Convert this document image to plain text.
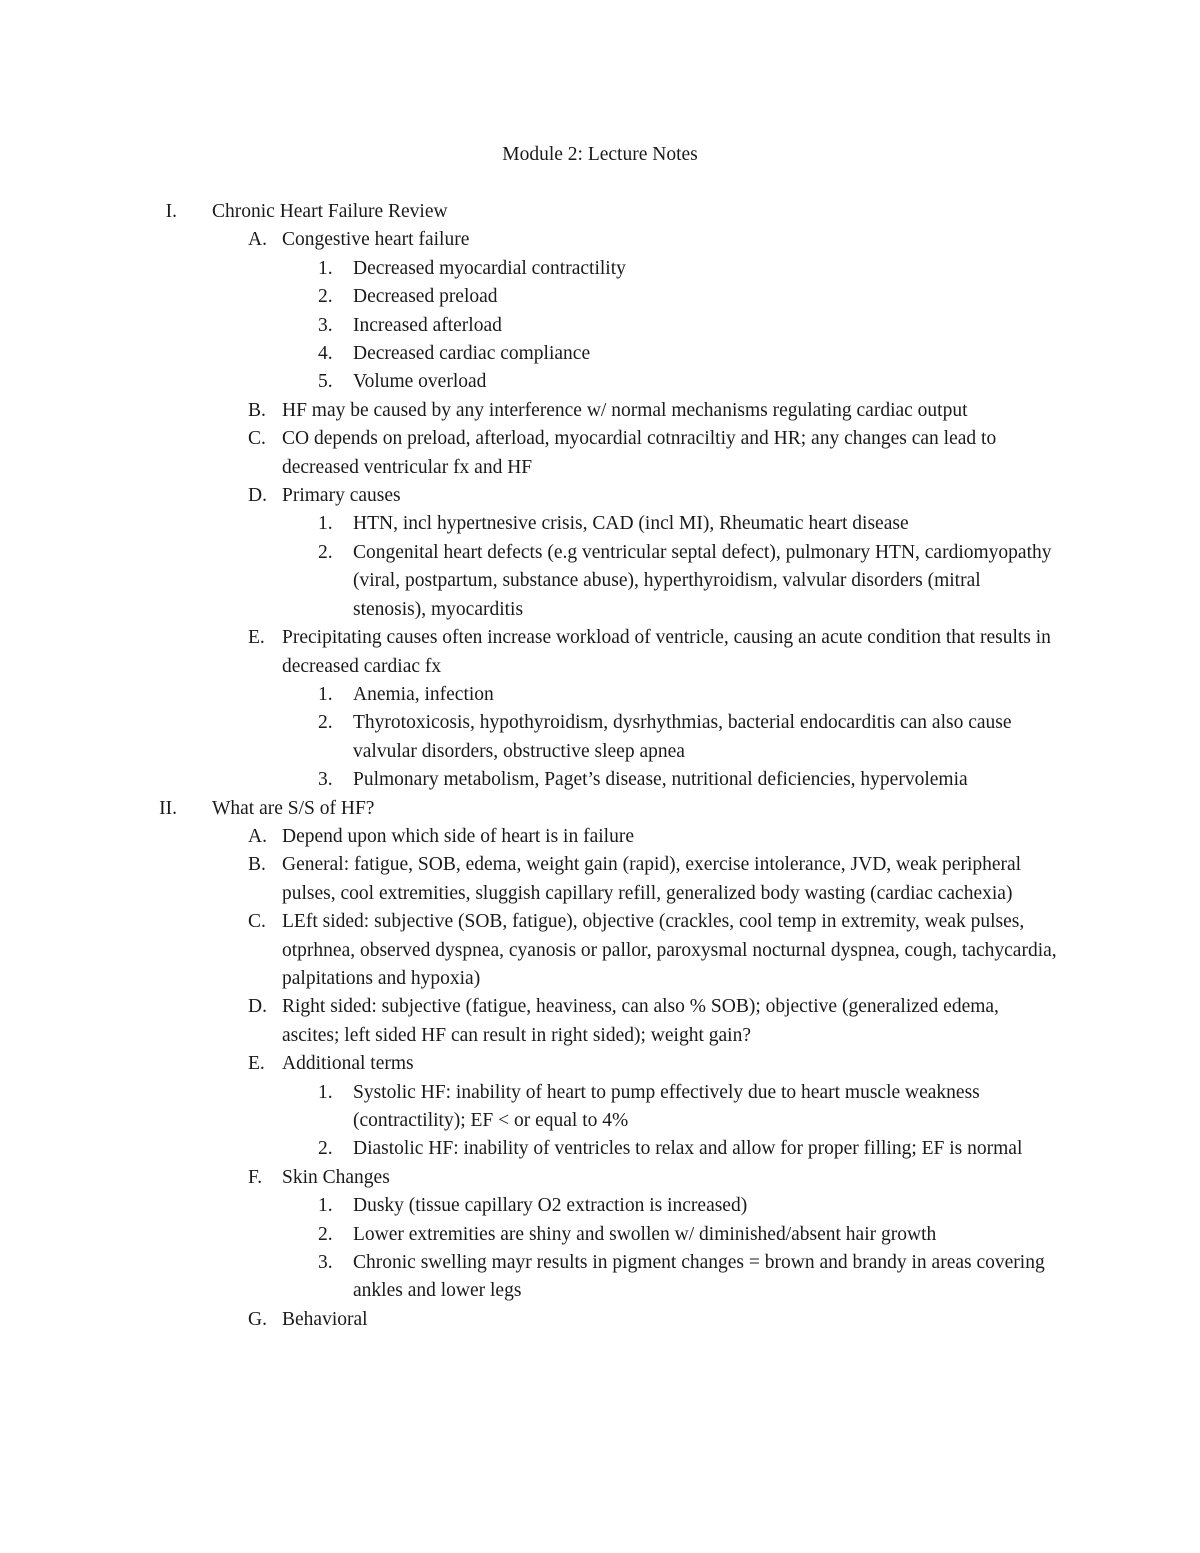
Module 2: Lecture Notes
I. Chronic Heart Failure Review
A. Congestive heart failure
1. Decreased myocardial contractility
2. Decreased preload
3. Increased afterload
4. Decreased cardiac compliance
5. Volume overload
B. HF may be caused by any interference w/ normal mechanisms regulating cardiac output
C. CO depends on preload, afterload, myocardial cotnraciltiy and HR; any changes can lead to decreased ventricular fx and HF
D. Primary causes
1. HTN, incl hypertnesive crisis, CAD (incl MI), Rheumatic heart disease
2. Congenital heart defects (e.g ventricular septal defect), pulmonary HTN, cardiomyopathy (viral, postpartum, substance abuse), hyperthyroidism, valvular disorders (mitral stenosis), myocarditis
E. Precipitating causes often increase workload of ventricle, causing an acute condition that results in decreased cardiac fx
1. Anemia, infection
2. Thyrotoxicosis, hypothyroidism, dysrhythmias, bacterial endocarditis can also cause valvular disorders, obstructive sleep apnea
3. Pulmonary metabolism, Paget’s disease, nutritional deficiencies, hypervolemia
II. What are S/S of HF?
A. Depend upon which side of heart is in failure
B. General: fatigue, SOB, edema, weight gain (rapid), exercise intolerance, JVD, weak peripheral pulses, cool extremities, sluggish capillary refill, generalized body wasting (cardiac cachexia)
C. LEft sided: subjective (SOB, fatigue), objective (crackles, cool temp in extremity, weak pulses, otprhnea, observed dyspnea, cyanosis or pallor, paroxysmal nocturnal dyspnea, cough, tachycardia, palpitations and hypoxia)
D. Right sided: subjective (fatigue, heaviness, can also % SOB); objective (generalized edema, ascites; left sided HF can result in right sided); weight gain?
E. Additional terms
1. Systolic HF: inability of heart to pump effectively due to heart muscle weakness (contractility); EF < or equal to 4%
2. Diastolic HF: inability of ventricles to relax and allow for proper filling; EF is normal
F. Skin Changes
1. Dusky (tissue capillary O2 extraction is increased)
2. Lower extremities are shiny and swollen w/ diminished/absent hair growth
3. Chronic swelling mayr results in pigment changes = brown and brandy in areas covering ankles and lower legs
G. Behavioral
